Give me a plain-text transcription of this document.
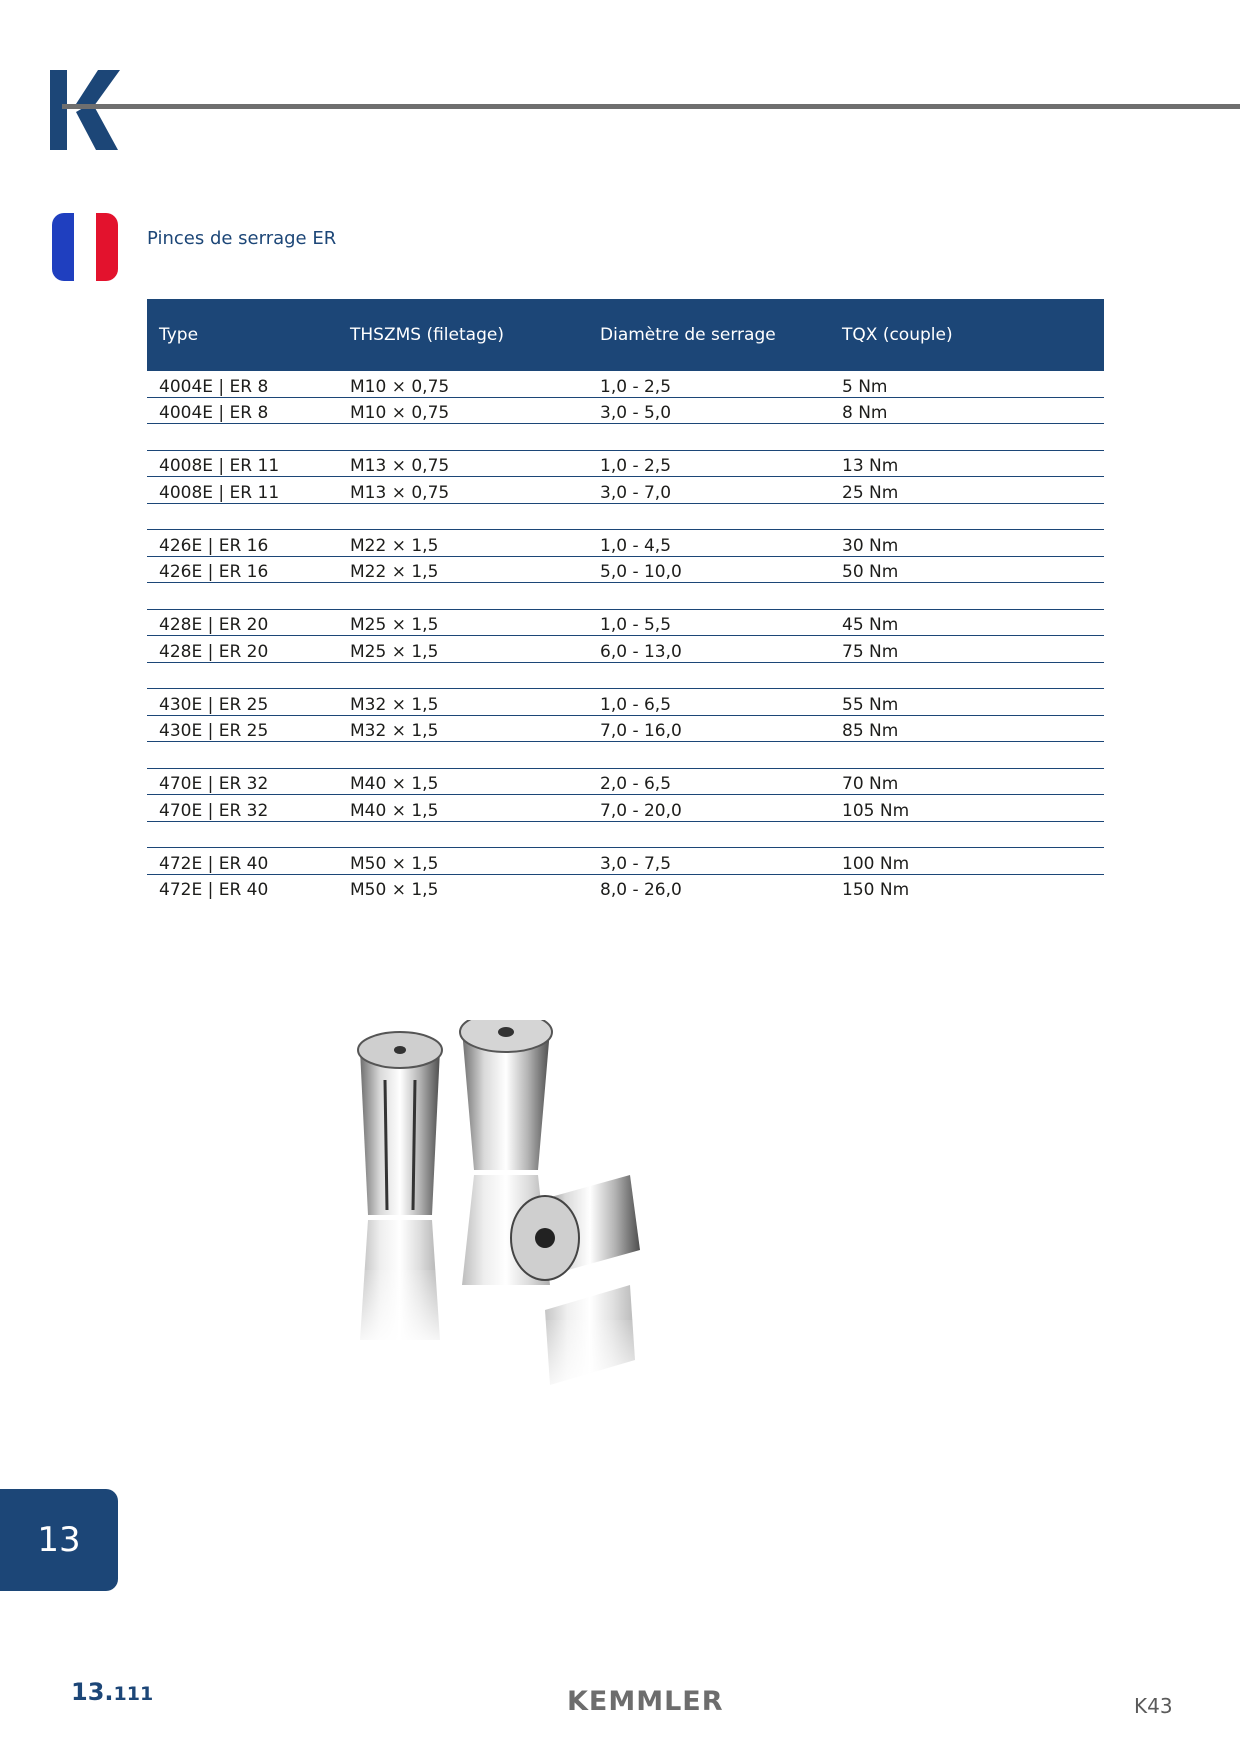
Pinces de serrage ER
Type	THSZMS (filetage)	Diamètre de serrage	TQX (couple)
4004E | ER 8	M10 × 0,75	1,0 - 2,5	5 Nm
4004E | ER 8	M10 × 0,75	3,0 - 5,0	8 Nm

4008E | ER 11	M13 × 0,75	1,0 - 2,5	13 Nm
4008E | ER 11	M13 × 0,75	3,0 - 7,0	25 Nm

426E | ER 16	M22 × 1,5	1,0 - 4,5	30 Nm
426E | ER 16	M22 × 1,5	5,0 - 10,0	50 Nm

428E | ER 20	M25 × 1,5	1,0 - 5,5	45 Nm
428E | ER 20	M25 × 1,5	6,0 - 13,0	75 Nm

430E | ER 25	M32 × 1,5	1,0 - 6,5	55 Nm
430E | ER 25	M32 × 1,5	7,0 - 16,0	85 Nm

470E | ER 32	M40 × 1,5	2,0 - 6,5	70 Nm
470E | ER 32	M40 × 1,5	7,0 - 20,0	105 Nm

472E | ER 40	M50 × 1,5	3,0 - 7,5	100 Nm
472E | ER 40	M50 × 1,5	8,0 - 26,0	150 Nm
13
13.111	KEMMLER	K43
